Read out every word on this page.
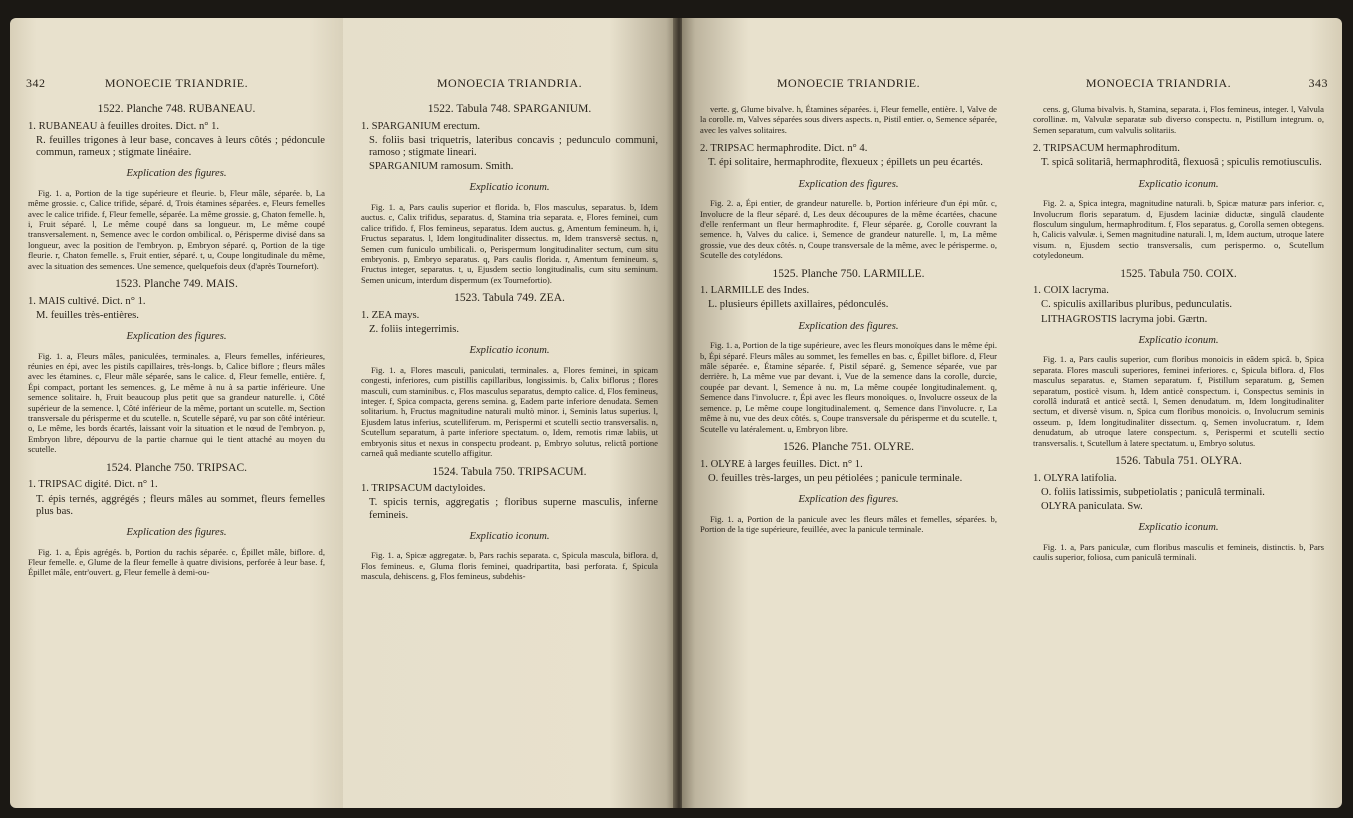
342	MONOECIE TRIANDRIE.
1522. Planche 748. RUBANEAU.
1. RUBANEAU à feuilles droites. Dict. n° 1.
R. feuilles trigones à leur base, concaves à leurs côtés ; pédoncule commun, rameux ; stigmate linéaire.
Explication des figures.
Fig. 1. a, Portion de la tige supérieure et fleurie. b, Fleur mâle, séparée. b, La même grossie. c, Calice trifide, séparé. d, Trois étamines séparées. e, Fleurs femelles avec le calice trifide. f, Fleur femelle, séparée. La même grossie. g, Chaton femelle. h, i, Fruit séparé. l, Le même coupé dans sa longueur. m, Le même coupé transversalement. n, Semence avec le cordon ombilical. o, Périsperme divisé dans sa longueur, avec la position de l'embryon. p, Embryon séparé. q, Portion de la tige fleurie. r, Chaton femelle. s, Fruit entier, séparé. t, u, Coupe longitudinale du même, avec la situation des semences. Une semence, quelquefois deux (d'après Tournefort).
1523. Planche 749. MAIS.
1. MAIS cultivé. Dict. n° 1.
M. feuilles très-entières.
Explication des figures.
Fig. 1. a, Fleurs mâles, paniculées, terminales. a, Fleurs femelles, inférieures, réunies en épi, avec les pistils capillaires, très-longs. b, Calice biflore ; fleurs mâles avec les étamines. c, Fleur mâle séparée, sans le calice. d, Fleur femelle, entière. f, Épi compact, portant les semences. g, Le même à nu à sa partie inférieure. Une semence solitaire. h, Fruit beaucoup plus petit que sa grandeur naturelle. i, Côté supérieur de la semence. l, Côté inférieur de la même, portant un scutelle. m, Section transversale du périsperme et du scutelle. n, Scutelle séparé, vu par son côté intérieur. o, Le même, les bords écartés, laissant voir la situation et le nœud de l'embryon. p, Embryon libre, dépourvu de la partie charnue qui le tient attaché au moyen du scutelle.
1524. Planche 750. TRIPSAC.
1. TRIPSAC digité. Dict. n° 1.
T. épis ternés, aggrégés ; fleurs mâles au sommet, fleurs femelles plus bas.
Explication des figures.
Fig. 1. a, Épis agrégés. b, Portion du rachis séparée. c, Épillet mâle, biflore. d, Fleur femelle. e, Glume de la fleur femelle à quatre divisions, perforée à leur base. f, Épillet mâle, entr'ouvert. g, Fleur femelle à demi-ou-
MONOECIA TRIANDRIA.
1522. Tabula 748. SPARGANIUM.
1. SPARGANIUM erectum.
S. foliis basi triquetris, lateribus concavis ; pedunculo communi, ramoso ; stigmate lineari.
SPARGANIUM ramosum. Smith.
Explicatio iconum.
Fig. 1. a, Pars caulis superior et florida. b, Flos masculus, separatus. b, Idem auctus. c, Calix trifidus, separatus. d, Stamina tria separata. e, Flores feminei, cum calice trifido. f, Flos femineus, separatus. Idem auctus. g, Amentum femineum. h, i, Fructus separatus. l, Idem longitudinaliter dissectus. m, Idem transversè sectus. n, Semen cum funiculo umbilicali. o, Perispermum longitudinaliter sectum, cum situ embryonis. p, Embryo separatus. q, Pars caulis florida. r, Amentum femineum. s, Fructus integer, separatus. t, u, Ejusdem sectio longitudinalis, cum situ seminum. Semen unicum, interdum dispermum (ex Tournefortio).
1523. Tabula 749. ZEA.
1. ZEA mays.
Z. foliis integerrimis.
Explicatio iconum.
Fig. 1. a, Flores masculi, paniculati, terminales. a, Flores feminei, in spicam congesti, inferiores, cum pistillis capillaribus, longissimis. b, Calix biflorus ; flores masculi, cum staminibus. c, Flos masculus separatus, dempto calice. d, Flos femineus, integer. f, Spica compacta, gerens semina. g, Eadem parte inferiore denudata. Semen solitarium. h, Fructus magnitudine naturali multò minor. i, Seminis latus superius. l, Ejusdem latus inferius, scutelliferum. m, Perispermi et scutelli sectio transversalis. n, Scutellum separatum, à parte inferiore spectatum. o, Idem, remotis rimæ labiis, ut embryonis situs et nexus in conspectu prodeant. p, Embryo solutus, relictâ portione carneâ quâ mediante scutello affigitur.
1524. Tabula 750. TRIPSACUM.
1. TRIPSACUM dactyloides.
T. spicis ternis, aggregatis ; floribus superne masculis, inferne femineis.
Explicatio iconum.
Fig. 1. a, Spicæ aggregatæ. b, Pars rachis separata. c, Spicula mascula, biflora. d, Flos femineus. e, Gluma floris feminei, quadripartita, basi perforata. f, Spicula mascula, dehiscens. g, Flos femineus, subdehis-
MONOECIE TRIANDRIE.
verte. g, Glume bivalve. h, Étamines séparées. i, Fleur femelle, entière. l, Valve de la corolle. m, Valves séparées sous divers aspects. n, Pistil entier. o, Semence séparée, avec les valves solitaires.
2. TRIPSAC hermaphrodite. Dict. n° 4.
T. épi solitaire, hermaphrodite, flexueux ; épillets un peu écartés.
Explication des figures.
Fig. 2. a, Épi entier, de grandeur naturelle. b, Portion inférieure d'un épi mûr. c, Involucre de la fleur séparé. d, Les deux découpures de la même écartées, chacune d'elle renfermant un fleur hermaphrodite. f, Fleur séparée. g, Corolle couvrant la semence. h, Valves du calice. i, Semence de grandeur naturelle. l, m, La même grossie, vue des deux côtés. n, Coupe transversale de la même, avec le périsperme. o, Scutelle des cotylédons.
1525. Planche 750. LARMILLE.
1. LARMILLE des Indes.
L. plusieurs épillets axillaires, pédonculés.
Explication des figures.
Fig. 1. a, Portion de la tige supérieure, avec les fleurs monoïques dans le même épi. b, Épi séparé. Fleurs mâles au sommet, les femelles en bas. c, Épillet biflore. d, Fleur mâle séparée. e, Étamine séparée. f, Pistil séparé. g, Semence séparée, vue par derrière. h, La même vue par devant. i, Vue de la semence dans la corolle, durcie, coupée par devant. l, Semence à nu. m, La même coupée longitudinalement. q, Semence dans l'involucre. r, Épi avec les fleurs monoïques. o, Involucre osseux de la semence. p, Le même coupe longitudinalement. q, Semence dans l'involucre. r, La même à nu, vue des deux côtés. s, Coupe transversale du périsperme et du scutelle. t, Scutelle vu latéralement. u, Embryon libre.
1526. Planche 751. OLYRE.
1. OLYRE à larges feuilles. Dict. n° 1.
O. feuilles très-larges, un peu pétiolées ; panicule terminale.
Explication des figures.
Fig. 1. a, Portion de la panicule avec les fleurs mâles et femelles, séparées. b, Portion de la tige supérieure, feuillée, avec la panicule terminale.
MONOECIA TRIANDRIA.	343
cens. g, Gluma bivalvis. h, Stamina, separata. i, Flos femineus, integer. l, Valvula corollinæ. m, Valvulæ separatæ sub diverso conspectu. n, Pistillum integrum. o, Semen separatum, cum valvulis solitariis.
2. TRIPSACUM hermaphroditum.
T. spicâ solitariâ, hermaphroditâ, flexuosâ ; spiculis remotiusculis.
Explicatio iconum.
Fig. 2. a, Spica integra, magnitudine naturali. b, Spicæ maturæ pars inferior. c, Involucrum floris separatum. d, Ejusdem laciniæ diductæ, singulâ claudente flosculum singulum, hermaphroditum. f, Flos separatus. g, Corolla semen obtegens. h, Calicis valvulæ. i, Semen magnitudine naturali. l, m, Idem auctum, utroque latere visum. n, Ejusdem sectio transversalis, cum perispermo. o, Scutellum cotyledoneum.
1525. Tabula 750. COIX.
1. COIX lacryma.
C. spiculis axillaribus pluribus, pedunculatis.
LITHAGROSTIS lacryma jobi. Gærtn.
Explicatio iconum.
Fig. 1. a, Pars caulis superior, cum floribus monoicis in eâdem spicâ. b, Spica separata. Flores masculi superiores, feminei inferiores. c, Spicula biflora. d, Flos masculus separatus. e, Stamen separatum. f, Pistillum separatum. g, Semen separatum, posticè visum. h, Idem anticè conspectum. i, Conspectus seminis in corollâ induratâ et anticè sectâ. l, Semen denudatum. m, Idem longitudinaliter sectum, et diversè visum. n, Spica cum floribus monoicis. o, Involucrum seminis osseum. p, Idem longitudinaliter dissectum. q, Semen involucratum. r, Idem denudatum, ab utroque latere conspectum. s, Perispermi et scutelli sectio transversalis. t, Scutellum à latere spectatum. u, Embryo solutus.
1526. Tabula 751. OLYRA.
1. OLYRA latifolia.
O. foliis latissimis, subpetiolatis ; paniculâ terminali.
OLYRA paniculata. Sw.
Explicatio iconum.
Fig. 1. a, Pars paniculæ, cum floribus masculis et femineis, distinctis. b, Pars caulis superior, foliosa, cum paniculâ terminali.
